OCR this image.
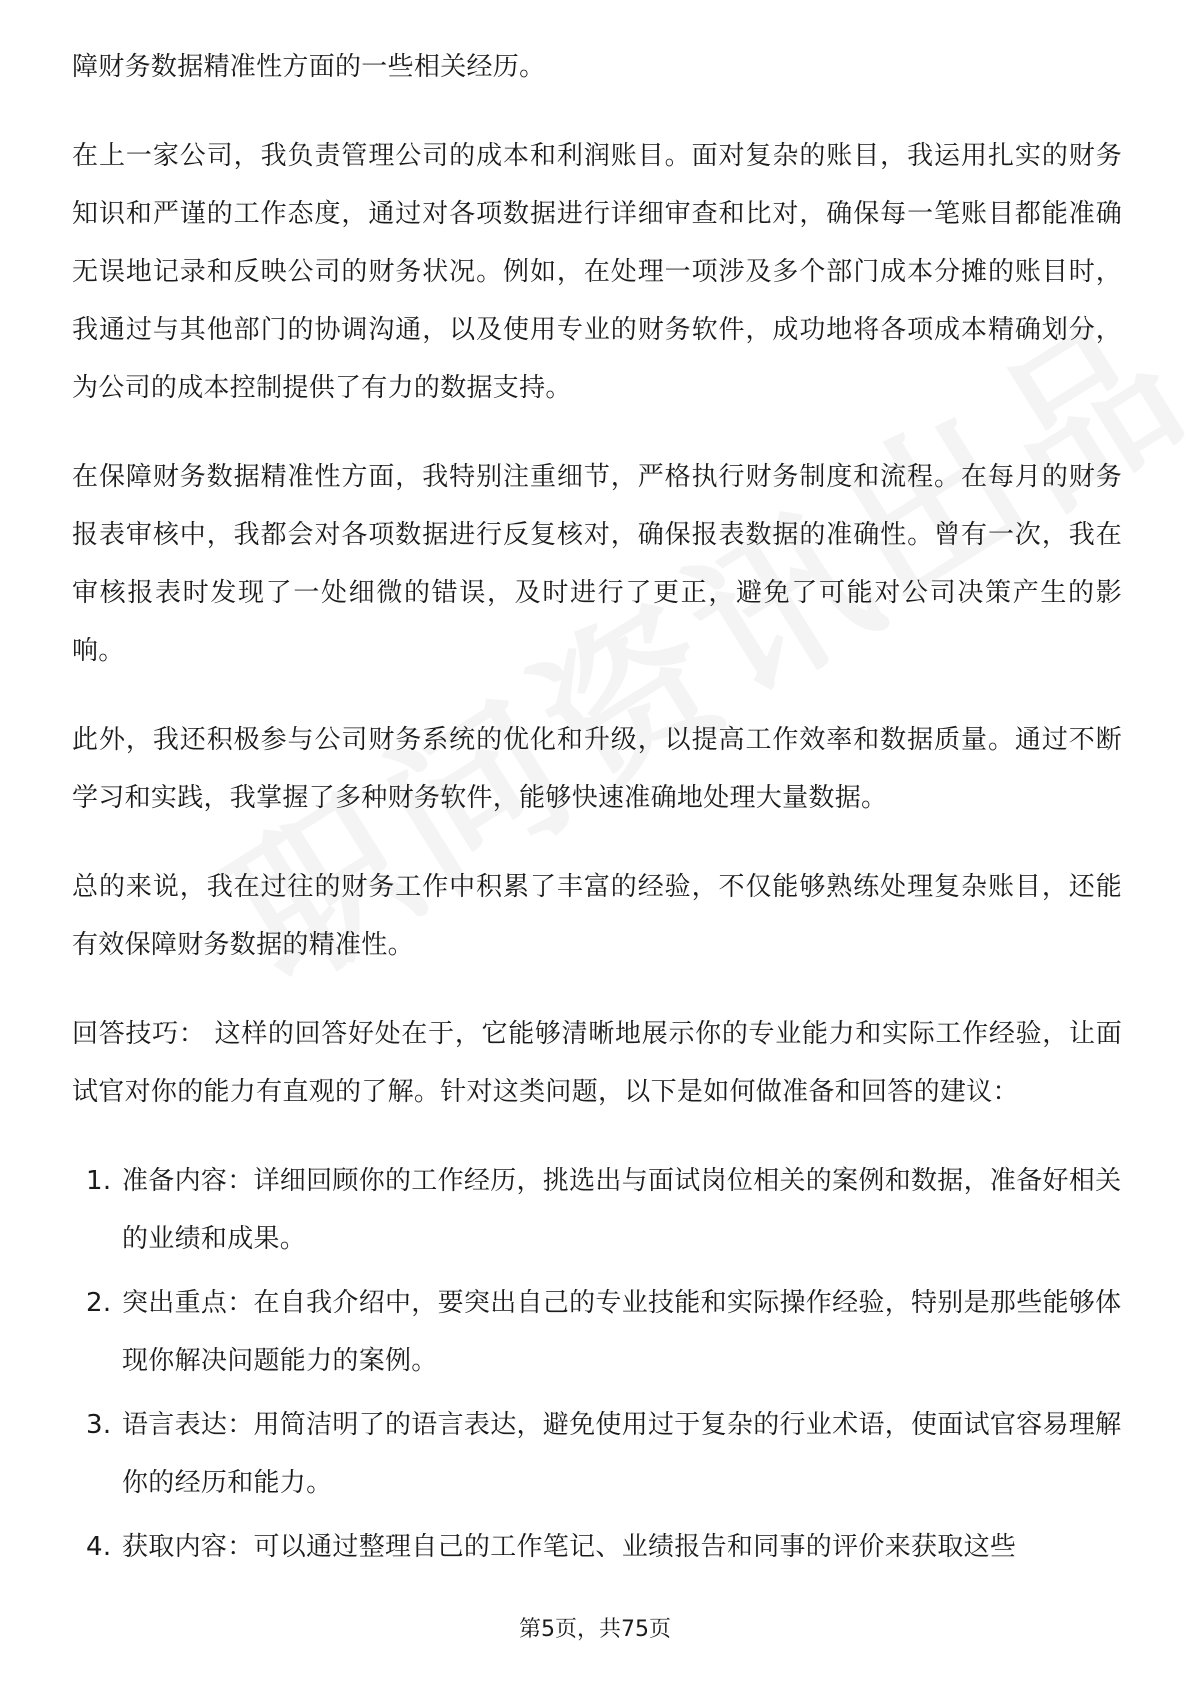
障财务数据精准性方面的一些相关经历。

在上一家公司，我负责管理公司的成本和利润账目。面对复杂的账目，我运用扎实的财务知识和严谨的工作态度，通过对各项数据进行详细审查和比对，确保每一笔账目都能准确无误地记录和反映公司的财务状况。例如，在处理一项涉及多个部门成本分摊的账目时，我通过与其他部门的协调沟通，以及使用专业的财务软件，成功地将各项成本精确划分，为公司的成本控制提供了有力的数据支持。

在保障财务数据精准性方面，我特别注重细节，严格执行财务制度和流程。在每月的财务报表审核中，我都会对各项数据进行反复核对，确保报表数据的准确性。曾有一次，我在审核报表时发现了一处细微的错误，及时进行了更正，避免了可能对公司决策产生的影响。

此外，我还积极参与公司财务系统的优化和升级，以提高工作效率和数据质量。通过不断学习和实践，我掌握了多种财务软件，能够快速准确地处理大量数据。

总的来说，我在过往的财务工作中积累了丰富的经验，不仅能够熟练处理复杂账目，还能有效保障财务数据的精准性。

回答技巧： 这样的回答好处在于，它能够清晰地展示你的专业能力和实际工作经验，让面试官对你的能力有直观的了解。针对这类问题，以下是如何做准备和回答的建议：

1. 准备内容：详细回顾你的工作经历，挑选出与面试岗位相关的案例和数据，准备好相关的业绩和成果。
2. 突出重点：在自我介绍中，要突出自己的专业技能和实际操作经验，特别是那些能够体现你解决问题能力的案例。
3. 语言表达：用简洁明了的语言表达，避免使用过于复杂的行业术语，使面试官容易理解你的经历和能力。
4. 获取内容：可以通过整理自己的工作笔记、业绩报告和同事的评价来获取这些
第5页，共75页
